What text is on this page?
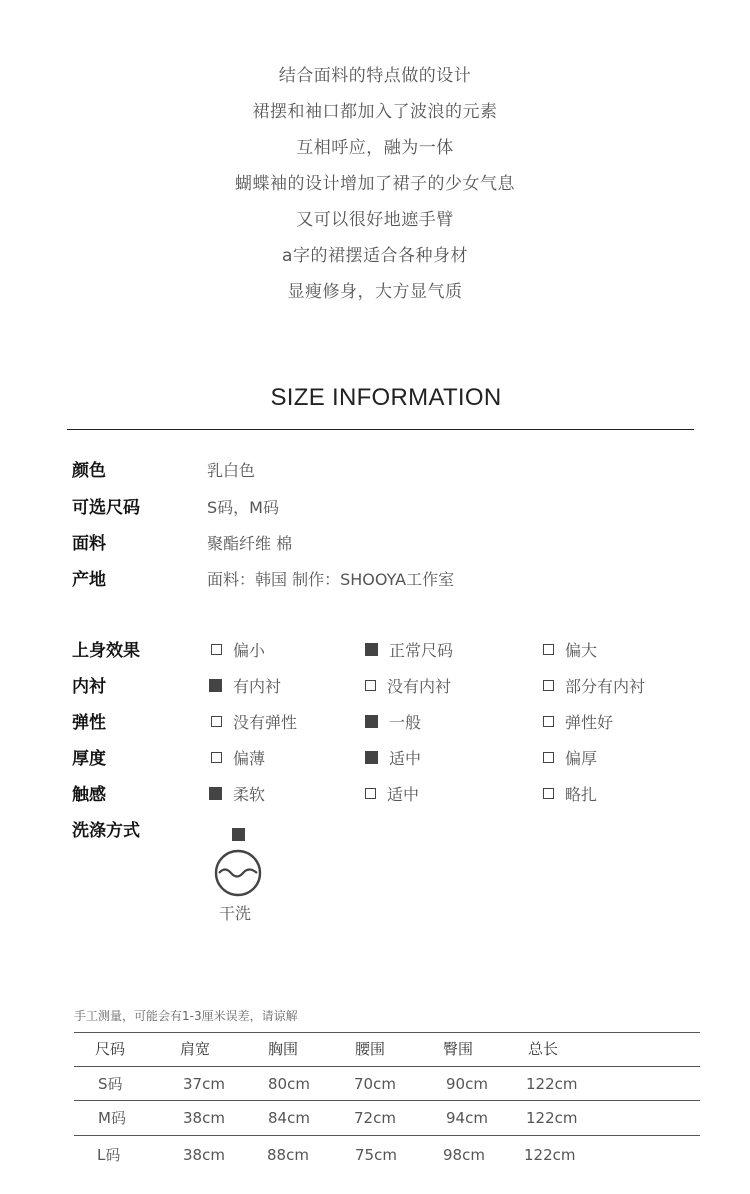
结合面料的特点做的设计
裙摆和袖口都加入了波浪的元素
互相呼应，融为一体
蝴蝶袖的设计增加了裙子的少女气息
又可以很好地遮手臂
a字的裙摆适合各种身材
显瘦修身，大方显气质
SIZE INFORMATION
颜色	乳白色
可选尺码	S码，M码
面料	聚酯纤维 棉
产地	面料：韩国 制作：SHOOYA工作室
上身效果	偏小	正常尺码	偏大
内衬	有内衬	没有内衬	部分有内衬
弹性	没有弹性	一般	弹性好
厚度	偏薄	适中	偏厚
触感	柔软	适中	略扎
洗涤方式
干洗
手工测量，可能会有1-3厘米误差，请谅解
尺码	肩宽	胸围	腰围	臀围	总长
S码	37cm	80cm	70cm	90cm	122cm
M码	38cm	84cm	72cm	94cm	122cm
L码	38cm	88cm	75cm	98cm	122cm
